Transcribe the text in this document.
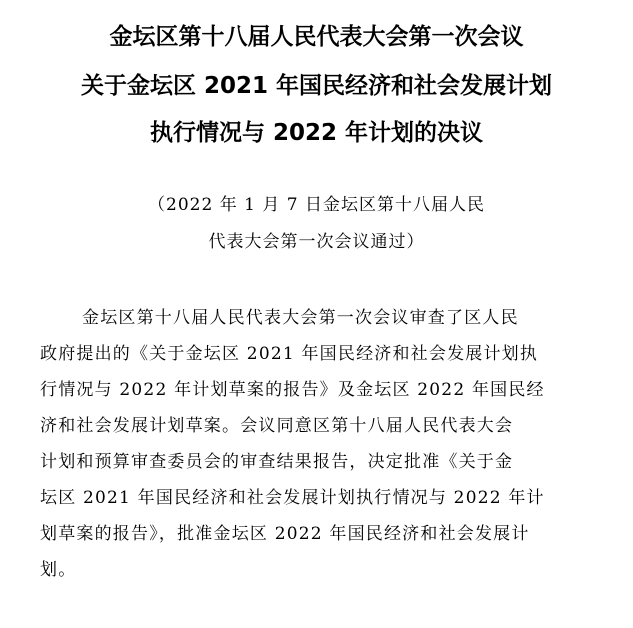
金坛区第十八届人民代表大会第一次会议
关于金坛区 2021 年国民经济和社会发展计划
执行情况与 2022 年计划的决议
（2022 年 1 月 7 日金坛区第十八届人民
代表大会第一次会议通过）
金坛区第十八届人民代表大会第一次会议审查了区人民
政府提出的《关于金坛区 2021 年国民经济和社会发展计划执
行情况与 2022 年计划草案的报告》及金坛区 2022 年国民经
济和社会发展计划草案。会议同意区第十八届人民代表大会
计划和预算审查委员会的审查结果报告，决定批准《关于金
坛区 2021 年国民经济和社会发展计划执行情况与 2022 年计
划草案的报告》，批准金坛区 2022 年国民经济和社会发展计
划。
